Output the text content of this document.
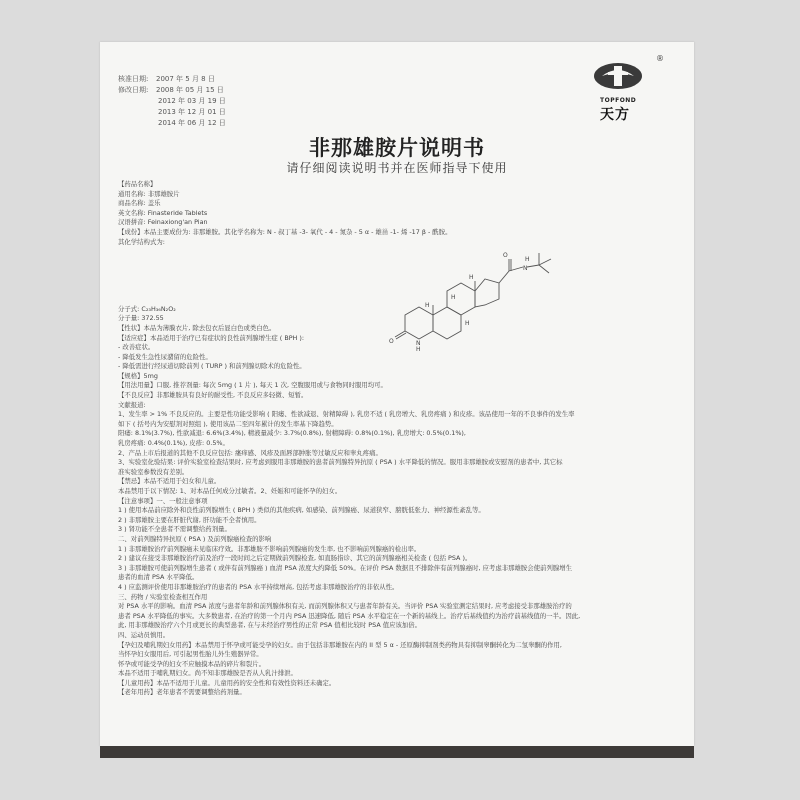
核准日期: 2007 年 5 月 8 日
修改日期: 2008 年 05 月 15 日
2012 年 03 月 19 日
2013 年 12 月 01 日
2014 年 06 月 12 日
®
TOPFOND
天方
非那雄胺片说明书
请仔细阅读说明书并在医师指导下使用
O
N
H
O	N
H
H
H
H
H

【药品名称】

通用名称: 非那雄胺片

商品名称: 盖乐

英文名称: Finasteride Tablets

汉语拼音: Feinaxiong'an Pian

【成份】本品主要成份为: 非那雄胺。其化学名称为: N - 叔丁基 -3- 氧代 - 4 - 氮杂 - 5 α - 雄甾 -1- 烯 -17 β - 酰胺。

其化学结构式为:

分子式: C₂₃H₃₆N₂O₂

分子量: 372.55

【性状】本品为薄膜衣片, 除去包衣后显白色或类白色。

【适应症】本品适用于治疗已有症状的良性前列腺增生症 ( BPH ):

- 改善症状。

- 降低发生急性尿潴留的危险性。

- 降低需进行经尿道切除前列 ( TURP ) 和前列腺切除术的危险性。

【规格】5mg

【用法用量】口服, 推荐剂量: 每次 5mg ( 1 片 ), 每天 1 次, 空腹服用或与食物同时服用均可。

【不良反应】非那雄胺具有良好的耐受性, 不良反应多轻微、短暂。

文献报道:

1、发生率 > 1% 不良反应的。主要是性功能受影响 ( 阳痿、性欲减退、射精障碍 ), 乳房不适 ( 乳房增大、乳房疼痛 ) 和皮疹。该品使用一年的不良事件的发生率

如下 ( 括号内为安慰剂对照组 ), 使用该品二至四年累计的发生率基下降趋势。

阳痿: 8.1%(3.7%), 性欲减退: 6.6%(3.4%), 精液量减少: 3.7%(0.8%), 射精障碍: 0.8%(0.1%), 乳房增大: 0.5%(0.1%),

乳房疼痛: 0.4%(0.1%), 皮疹: 0.5%。

2、产品上市后报道的其他不良反应包括: 瘙痒感、风疹及面唇部肿胀等过敏反应和睾丸疼痛。

3、实验室化验结果: 评价实验室检查结果时, 应考虑到服用非那雄胺的患者前列腺特异抗原 ( PSA ) 水平降低的情况。服用非那雄胺或安慰剂的患者中, 其它标

准实验室参数没有差别。

【禁忌】本品不适用于妇女和儿童。

本品禁用于以下情况: 1、对本品任何成分过敏者。2、妊娠和可能怀孕的妇女。

【注意事项】一、一般注意事项

1 ) 使用本品前应除外和良性前列腺增生 ( BPH ) 类似的其他疾病, 如感染、前列腺癌、尿道狭窄、膀胱低张力、神经源性紊乱等。

2 ) 非那雄胺主要在肝脏代谢, 肝功能不全者慎用。

3 ) 肾功能不全患者不需调整给药剂量。

二、对前列腺特异抗原 ( PSA ) 及前列腺癌检查的影响

1 ) 非那雄胺治疗前列腺癌未见临床疗效。非那雄胺不影响前列腺癌的发生率, 也不影响前列腺癌的检出率。

2 ) 建议在接受非那雄胺治疗前及治疗一段时间之后定期做前列腺检查, 如直肠指诊、其它的前列腺癌相关检查 ( 包括 PSA )。

3 ) 非那雄胺可使前列腺增生患者 ( 或伴有前列腺癌 ) 血清 PSA 浓度大约降低 50%。在评价 PSA 数据且不排除伴有前列腺癌时, 应考虑非那雄胺会使前列腺增生

患者的血清 PSA 水平降低。

4 ) 应监测评价使用非那雄胺治疗的患者的 PSA 水平持续增高, 包括考虑非那雄胺治疗的非依从性。

三、药物 / 实验室检查相互作用

对 PSA 水平的影响。血清 PSA 浓度与患者年龄和前列腺体积有关, 而前列腺体积又与患者年龄有关。当评价 PSA 实验室测定结果时, 应考虑接受非那雄胺治疗的

患者 PSA 水平降低的事实。大多数患者, 在治疗的第一个月内 PSA 迅速降低, 随后 PSA 水平稳定在一个新的基线上。治疗后基线值约为治疗前基线值的一半。因此,

此, 用非那雄胺治疗六个月或更长的典型患者, 在与未经治疗男性的正常 PSA 值相比较时 PSA 值应该加倍。

四、运动员慎用。

【孕妇及哺乳期妇女用药】本品禁用于怀孕或可能受孕的妇女。由于包括非那雄胺在内的 II 型 5 α - 还原酶抑制剂类药物具有抑制睾酮转化为二氢睾酮的作用,

当怀孕妇女服用后, 可引起男性胎儿外生殖器异常。

怀孕或可能受孕的妇女不应触摸本品的碎片和裂片。

本品不适用于哺乳期妇女。尚不知非那雄胺是否从人乳汁排泄。

【儿童用药】本品不适用于儿童。儿童用药的安全性和有效性资料还未确定。

【老年用药】老年患者不需要调整给药剂量。
